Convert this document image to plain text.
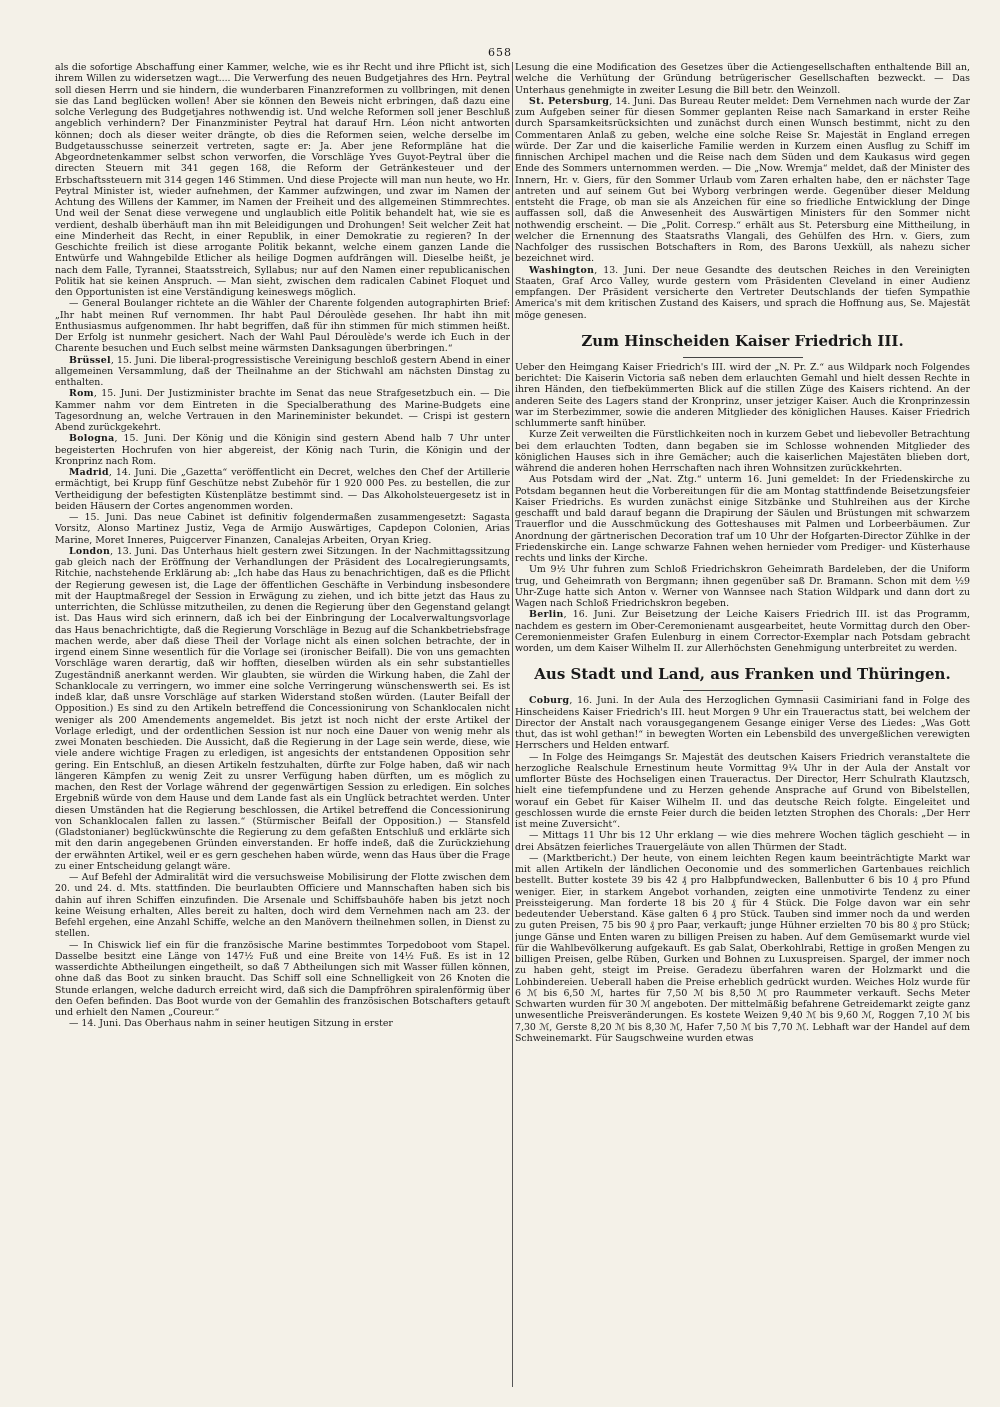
658

als die sofortige Abschaffung einer Kammer, welche, wie es ihr Recht und ihre Pflicht ist, sich ihrem Willen zu widersetzen wagt.... Die Verwerfung des neuen Budgetjahres des Hrn. Peytral soll diesen Herrn und sie hindern, die wunderbaren Finanzreformen zu vollbringen, mit denen sie das Land beglücken wollen! Aber sie können den Beweis nicht erbringen, daß dazu eine solche Verlegung des Budgetjahres nothwendig ist. Und welche Reformen soll jener Beschluß angeblich verhindern? Der Finanzminister Peytral hat darauf Hrn. Léon nicht antworten können; doch als dieser weiter drängte, ob dies die Reformen seien, welche derselbe im Budgetausschusse seinerzeit vertreten, sagte er: Ja. Aber jene Reformpläne hat die Abgeordnetenkammer selbst schon verworfen, die Vorschläge Yves Guyot-Peytral über die directen Steuern mit 341 gegen 168, die Reform der Getränkesteuer und der Erbschaftssteuern mit 314 gegen 146 Stimmen. Und diese Projecte will man nun heute, wo Hr. Peytral Minister ist, wieder aufnehmen, der Kammer aufzwingen, und zwar im Namen der Achtung des Willens der Kammer, im Namen der Freiheit und des allgemeinen Stimmrechtes. Und weil der Senat diese verwegene und unglaublich eitle Politik behandelt hat, wie sie es verdient, deshalb überhäuft man ihn mit Beleidigungen und Drohungen! Seit welcher Zeit hat eine Minderheit das Recht, in einer Republik, in einer Demokratie zu regieren? In der Geschichte freilich ist diese arrogante Politik bekannt, welche einem ganzen Lande die Entwürfe und Wahngebilde Etlicher als heilige Dogmen aufdrängen will. Dieselbe heißt, je nach dem Falle, Tyrannei, Staatsstreich, Syllabus; nur auf den Namen einer republicanischen Politik hat sie keinen Anspruch. — Man sieht, zwischen dem radicalen Cabinet Floquet und den Opportunisten ist eine Verständigung keineswegs möglich.

— General Boulanger richtete an die Wähler der Charente folgenden autographirten Brief: „Ihr habt meinen Ruf vernommen. Ihr habt Paul Déroulède gesehen. Ihr habt ihn mit Enthusiasmus aufgenommen. Ihr habt begriffen, daß für ihn stimmen für mich stimmen heißt. Der Erfolg ist nunmehr gesichert. Nach der Wahl Paul Déroulède's werde ich Euch in der Charente besuchen und Euch selbst meine wärmsten Danksagungen überbringen.“

Brüssel, 15. Juni. Die liberal-progressistische Vereinigung beschloß gestern Abend in einer allgemeinen Versammlung, daß der Theilnahme an der Stichwahl am nächsten Dinstag zu enthalten.

Rom, 15. Juni. Der Justizminister brachte im Senat das neue Strafgesetzbuch ein. — Die Kammer nahm vor dem Eintreten in die Specialberathung des Marine-Budgets eine Tagesordnung an, welche Vertrauen in den Marineminister bekundet. — Crispi ist gestern Abend zurückgekehrt.

Bologna, 15. Juni. Der König und die Königin sind gestern Abend halb 7 Uhr unter begeisterten Hochrufen von hier abgereist, der König nach Turin, die Königin und der Kronprinz nach Rom.

Madrid, 14. Juni. Die „Gazetta“ veröffentlicht ein Decret, welches den Chef der Artillerie ermächtigt, bei Krupp fünf Geschütze nebst Zubehör für 1 920 000 Pes. zu bestellen, die zur Vertheidigung der befestigten Küstenplätze bestimmt sind. — Das Alkoholsteuergesetz ist in beiden Häusern der Cortes angenommen worden.

— 15. Juni. Das neue Cabinet ist definitiv folgendermaßen zusammengesetzt: Sagasta Vorsitz, Alonso Martinez Justiz, Vega de Armijo Auswärtiges, Capdepon Colonien, Arias Marine, Moret Inneres, Puigcerver Finanzen, Canalejas Arbeiten, Oryan Krieg.

London, 13. Juni. Das Unterhaus hielt gestern zwei Sitzungen. In der Nachmittagssitzung gab gleich nach der Eröffnung der Verhandlungen der Präsident des Localregierungsamts, Ritchie, nachstehende Erklärung ab: „Ich habe das Haus zu benachrichtigen, daß es die Pflicht der Regierung gewesen ist, die Lage der öffentlichen Geschäfte in Verbindung insbesondere mit der Hauptmaßregel der Session in Erwägung zu ziehen, und ich bitte jetzt das Haus zu unterrichten, die Schlüsse mitzutheilen, zu denen die Regierung über den Gegenstand gelangt ist. Das Haus wird sich erinnern, daß ich bei der Einbringung der Localverwaltungsvorlage das Haus benachrichtigte, daß die Regierung Vorschläge in Bezug auf die Schankbetriebsfrage machen werde, aber daß diese Theil der Vorlage nicht als einen solchen betrachte, der in irgend einem Sinne wesentlich für die Vorlage sei (ironischer Beifall). Die von uns gemachten Vorschläge waren derartig, daß wir hofften, dieselben würden als ein sehr substantielles Zugeständniß anerkannt werden. Wir glaubten, sie würden die Wirkung haben, die Zahl der Schanklocale zu verringern, wo immer eine solche Verringerung wünschenswerth sei. Es ist indeß klar, daß unsre Vorschläge auf starken Widerstand stoßen würden. (Lauter Beifall der Opposition.) Es sind zu den Artikeln betreffend die Concessionirung von Schanklocalen nicht weniger als 200 Amendements angemeldet. Bis jetzt ist noch nicht der erste Artikel der Vorlage erledigt, und der ordentlichen Session ist nur noch eine Dauer von wenig mehr als zwei Monaten beschieden. Die Aussicht, daß die Regierung in der Lage sein werde, diese, wie viele andere wichtige Fragen zu erledigen, ist angesichts der entstandenen Opposition sehr gering. Ein Entschluß, an diesen Artikeln festzuhalten, dürfte zur Folge haben, daß wir nach längeren Kämpfen zu wenig Zeit zu unsrer Verfügung haben dürften, um es möglich zu machen, den Rest der Vorlage während der gegenwärtigen Session zu erledigen. Ein solches Ergebniß würde von dem Hause und dem Lande fast als ein Unglück betrachtet werden. Unter diesen Umständen hat die Regierung beschlossen, die Artikel betreffend die Concessionirung von Schanklocalen fallen zu lassen.“ (Stürmischer Beifall der Opposition.) — Stansfeld (Gladstonianer) beglückwünschte die Regierung zu dem gefaßten Entschluß und erklärte sich mit den darin angegebenen Gründen einverstanden. Er hoffe indeß, daß die Zurückziehung der erwähnten Artikel, weil er es gern geschehen haben würde, wenn das Haus über die Frage zu einer Entscheidung gelangt wäre.

— Auf Befehl der Admiralität wird die versuchsweise Mobilisirung der Flotte zwischen dem 20. und 24. d. Mts. stattfinden. Die beurlaubten Officiere und Mannschaften haben sich bis dahin auf ihren Schiffen einzufinden. Die Arsenale und Schiffsbauhöfe haben bis jetzt noch keine Weisung erhalten, Alles bereit zu halten, doch wird dem Vernehmen nach am 23. der Befehl ergehen, eine Anzahl Schiffe, welche an den Manövern theilnehmen sollen, in Dienst zu stellen.

— In Chiswick lief ein für die französische Marine bestimmtes Torpedoboot vom Stapel. Dasselbe besitzt eine Länge von 147½ Fuß und eine Breite von 14½ Fuß. Es ist in 12 wasserdichte Abtheilungen eingetheilt, so daß 7 Abtheilungen sich mit Wasser füllen können, ohne daß das Boot zu sinken braucht. Das Schiff soll eine Schnelligkeit von 26 Knoten die Stunde erlangen, welche dadurch erreicht wird, daß sich die Dampfröhren spiralenförmig über den Oefen befinden. Das Boot wurde von der Gemahlin des französischen Botschafters getauft und erhielt den Namen „Coureur.“

— 14. Juni. Das Oberhaus nahm in seiner heutigen Sitzung in erster

Lesung die eine Modification des Gesetzes über die Actiengesellschaften enthaltende Bill an, welche die Verhütung der Gründung betrügerischer Gesellschaften bezweckt. — Das Unterhaus genehmigte in zweiter Lesung die Bill betr. den Weinzoll.

St. Petersburg, 14. Juni. Das Bureau Reuter meldet: Dem Vernehmen nach wurde der Zar zum Aufgeben seiner für diesen Sommer geplanten Reise nach Samarkand in erster Reihe durch Sparsamkeitsrücksichten und zunächst durch einen Wunsch bestimmt, nicht zu den Commentaren Anlaß zu geben, welche eine solche Reise Sr. Majestät in England erregen würde. Der Zar und die kaiserliche Familie werden in Kurzem einen Ausflug zu Schiff im finnischen Archipel machen und die Reise nach dem Süden und dem Kaukasus wird gegen Ende des Sommers unternommen werden. — Die „Now. Wremja“ meldet, daß der Minister des Innern, Hr. v. Giers, für den Sommer Urlaub vom Zaren erhalten habe, den er nächster Tage antreten und auf seinem Gut bei Wyborg verbringen werde. Gegenüber dieser Meldung entsteht die Frage, ob man sie als Anzeichen für eine so friedliche Entwicklung der Dinge auffassen soll, daß die Anwesenheit des Auswärtigen Ministers für den Sommer nicht nothwendig erscheint. — Die „Polit. Corresp.“ erhält aus St. Petersburg eine Mittheilung, in welcher die Ernennung des Staatsraths Vlangali, des Gehülfen des Hrn. v. Giers, zum Nachfolger des russischen Botschafters in Rom, des Barons Uexküll, als nahezu sicher bezeichnet wird.

Washington, 13. Juni. Der neue Gesandte des deutschen Reiches in den Vereinigten Staaten, Graf Arco Valley, wurde gestern vom Präsidenten Cleveland in einer Audienz empfangen. Der Präsident versicherte den Vertreter Deutschlands der tiefen Sympathie America's mit dem kritischen Zustand des Kaisers, und sprach die Hoffnung aus, Se. Majestät möge genesen.

Zum Hinscheiden Kaiser Friedrich III.

Ueber den Heimgang Kaiser Friedrich's III. wird der „N. Pr. Z.“ aus Wildpark noch Folgendes berichtet: Die Kaiserin Victoria saß neben dem erlauchten Gemahl und hielt dessen Rechte in ihren Händen, den tiefbekümmerten Blick auf die stillen Züge des Kaisers richtend. An der anderen Seite des Lagers stand der Kronprinz, unser jetziger Kaiser. Auch die Kronprinzessin war im Sterbezimmer, sowie die anderen Mitglieder des königlichen Hauses. Kaiser Friedrich schlummerte sanft hinüber.

Kurze Zeit verweilten die Fürstlichkeiten noch in kurzem Gebet und liebevoller Betrachtung bei dem erlauchten Todten, dann begaben sie im Schlosse wohnenden Mitglieder des königlichen Hauses sich in ihre Gemächer; auch die kaiserlichen Majestäten blieben dort, während die anderen hohen Herrschaften nach ihren Wohnsitzen zurückkehrten.

Aus Potsdam wird der „Nat. Ztg.“ unterm 16. Juni gemeldet: In der Friedenskirche zu Potsdam begannen heut die Vorbereitungen für die am Montag stattfindende Beisetzungsfeier Kaiser Friedrichs. Es wurden zunächst einige Sitzbänke und Stuhlreihen aus der Kirche geschafft und bald darauf begann die Drapirung der Säulen und Brüstungen mit schwarzem Trauerflor und die Ausschmückung des Gotteshauses mit Palmen und Lorbeerbäumen. Zur Anordnung der gärtnerischen Decoration traf um 10 Uhr der Hofgarten-Director Zühlke in der Friedenskirche ein. Lange schwarze Fahnen wehen hernieder vom Prediger- und Küsterhause rechts und links der Kirche.

Um 9½ Uhr fuhren zum Schloß Friedrichskron Geheimrath Bardeleben, der die Uniform trug, und Geheimrath von Bergmann; ihnen gegenüber saß Dr. Bramann. Schon mit dem ½9 Uhr-Zuge hatte sich Anton v. Werner von Wannsee nach Station Wildpark und dann dort zu Wagen nach Schloß Friedrichskron begeben.

Berlin, 16. Juni. Zur Beisetzung der Leiche Kaisers Friedrich III. ist das Programm, nachdem es gestern im Ober-Ceremonienamt ausgearbeitet, heute Vormittag durch den Ober-Ceremonienmeister Grafen Eulenburg in einem Corrector-Exemplar nach Potsdam gebracht worden, um dem Kaiser Wilhelm II. zur Allerhöchsten Genehmigung unterbreitet zu werden.

Aus Stadt und Land, aus Franken und Thüringen.

Coburg, 16. Juni. In der Aula des Herzoglichen Gymnasii Casimiriani fand in Folge des Hinscheidens Kaiser Friedrich's III. heut Morgen 9 Uhr ein Traueractus statt, bei welchem der Director der Anstalt nach vorausgegangenem Gesange einiger Verse des Liedes: „Was Gott thut, das ist wohl gethan!“ in bewegten Worten ein Lebensbild des unvergeßlichen verewigten Herrschers und Helden entwarf.

— In Folge des Heimgangs Sr. Majestät des deutschen Kaisers Friedrich veranstaltete die herzogliche Realschule Ernestinum heute Vormittag 9¼ Uhr in der Aula der Anstalt vor umflorter Büste des Hochseligen einen Traueractus. Der Director, Herr Schulrath Klautzsch, hielt eine tiefempfundene und zu Herzen gehende Ansprache auf Grund von Bibelstellen, worauf ein Gebet für Kaiser Wilhelm II. und das deutsche Reich folgte. Eingeleitet und geschlossen wurde die ernste Feier durch die beiden letzten Strophen des Chorals: „Der Herr ist meine Zuversicht“.

— Mittags 11 Uhr bis 12 Uhr erklang — wie dies mehrere Wochen täglich geschieht — in drei Absätzen feierliches Trauergeläute von allen Thürmen der Stadt.

— (Marktbericht.) Der heute, von einem leichten Regen kaum beeinträchtigte Markt war mit allen Artikeln der ländlichen Oeconomie und des sommerlichen Gartenbaues reichlich bestellt. Butter kostete 39 bis 42 ₰ pro Halbpfundwecken, Ballenbutter 6 bis 10 ₰ pro Pfund weniger. Eier, in starkem Angebot vorhanden, zeigten eine unmotivirte Tendenz zu einer Preissteigerung. Man forderte 18 bis 20 ₰ für 4 Stück. Die Folge davon war ein sehr bedeutender Ueberstand. Käse galten 6 ₰ pro Stück. Tauben sind immer noch da und werden zu guten Preisen, 75 bis 90 ₰ pro Paar, verkauft; junge Hühner erzielten 70 bis 80 ₰ pro Stück; junge Gänse und Enten waren zu billigen Preisen zu haben. Auf dem Gemüsemarkt wurde viel für die Wahlbevölkerung aufgekauft. Es gab Salat, Oberkohlrabi, Rettige in großen Mengen zu billigen Preisen, gelbe Rüben, Gurken und Bohnen zu Luxuspreisen. Spargel, der immer noch zu haben geht, steigt im Preise. Geradezu überfahren waren der Holzmarkt und die Lohbindereien. Ueberall haben die Preise erheblich gedrückt wurden. Weiches Holz wurde für 6 ℳ bis 6,50 ℳ, hartes für 7,50 ℳ bis 8,50 ℳ pro Raummeter verkauft. Sechs Meter Schwarten wurden für 30 ℳ angeboten. Der mittelmäßig befahrene Getreidemarkt zeigte ganz unwesentliche Preisveränderungen. Es kostete Weizen 9,40 ℳ bis 9,60 ℳ, Roggen 7,10 ℳ bis 7,30 ℳ, Gerste 8,20 ℳ bis 8,30 ℳ, Hafer 7,50 ℳ bis 7,70 ℳ. Lebhaft war der Handel auf dem Schweinemarkt. Für Saugschweine wurden etwas
